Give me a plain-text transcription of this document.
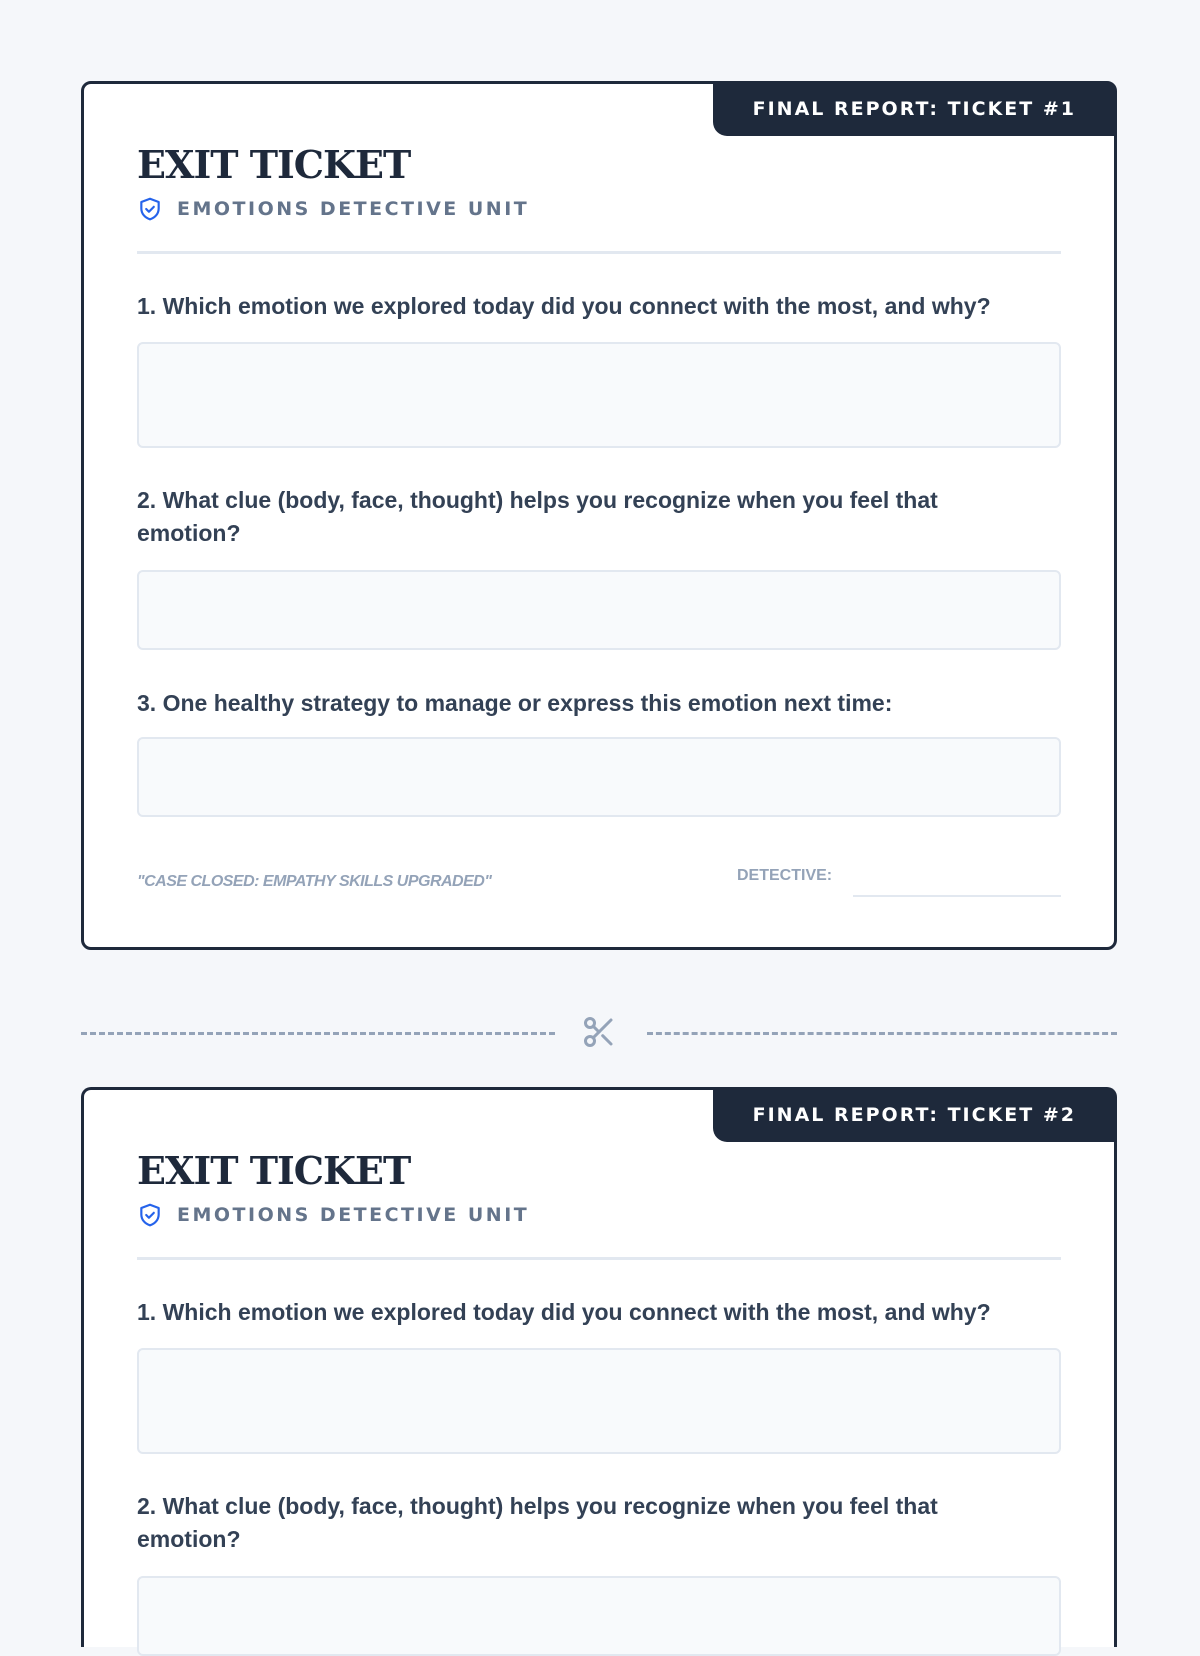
FINAL REPORT: TICKET #1
EXIT TICKET
EMOTIONS DETECTIVE UNIT

1. Which emotion we explored today did you connect with the most, and why?

2. What clue (body, face, thought) helps you recognize when you feel that emotion?

3. One healthy strategy to manage or express this emotion next time:

"CASE CLOSED: EMPATHY SKILLS UPGRADED"	DETECTIVE:
FINAL REPORT: TICKET #2
EXIT TICKET
EMOTIONS DETECTIVE UNIT

1. Which emotion we explored today did you connect with the most, and why?

2. What clue (body, face, thought) helps you recognize when you feel that emotion?
